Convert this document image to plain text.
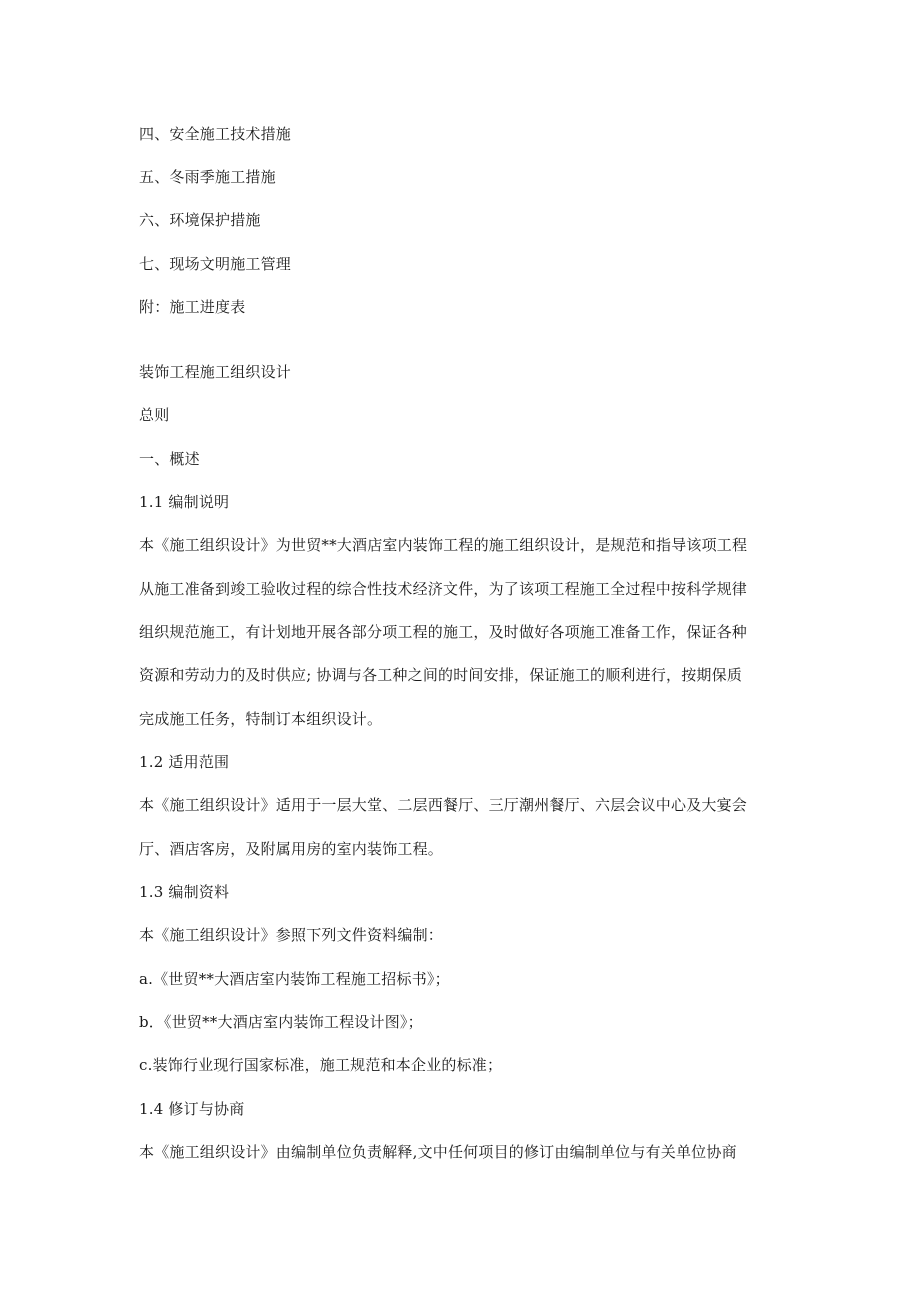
四、安全施工技术措施
五、冬雨季施工措施
六、环境保护措施
七、现场文明施工管理
附：施工进度表
装饰工程施工组织设计
总则
一、概述
1.1 编制说明
本《施工组织设计》为世贸**大酒店室内装饰工程的施工组织设计，是规范和指导该项工程
从施工准备到竣工验收过程的综合性技术经济文件，为了该项工程施工全过程中按科学规律
组织规范施工，有计划地开展各部分项工程的施工，及时做好各项施工准备工作，保证各种
资源和劳动力的及时供应; 协调与各工种之间的时间安排，保证施工的顺利进行，按期保质
完成施工任务，特制订本组织设计。
1.2 适用范围
本《施工组织设计》适用于一层大堂、二层西餐厅、三厅潮州餐厅、六层会议中心及大宴会
厅、酒店客房，及附属用房的室内装饰工程。
1.3 编制资料
本《施工组织设计》参照下列文件资料编制：
a.《世贸**大酒店室内装饰工程施工招标书》；
b．《世贸**大酒店室内装饰工程设计图》；
c.装饰行业现行国家标准，施工规范和本企业的标准；
1.4 修订与协商
本《施工组织设计》由编制单位负责解释,文中任何项目的修订由编制单位与有关单位协商
